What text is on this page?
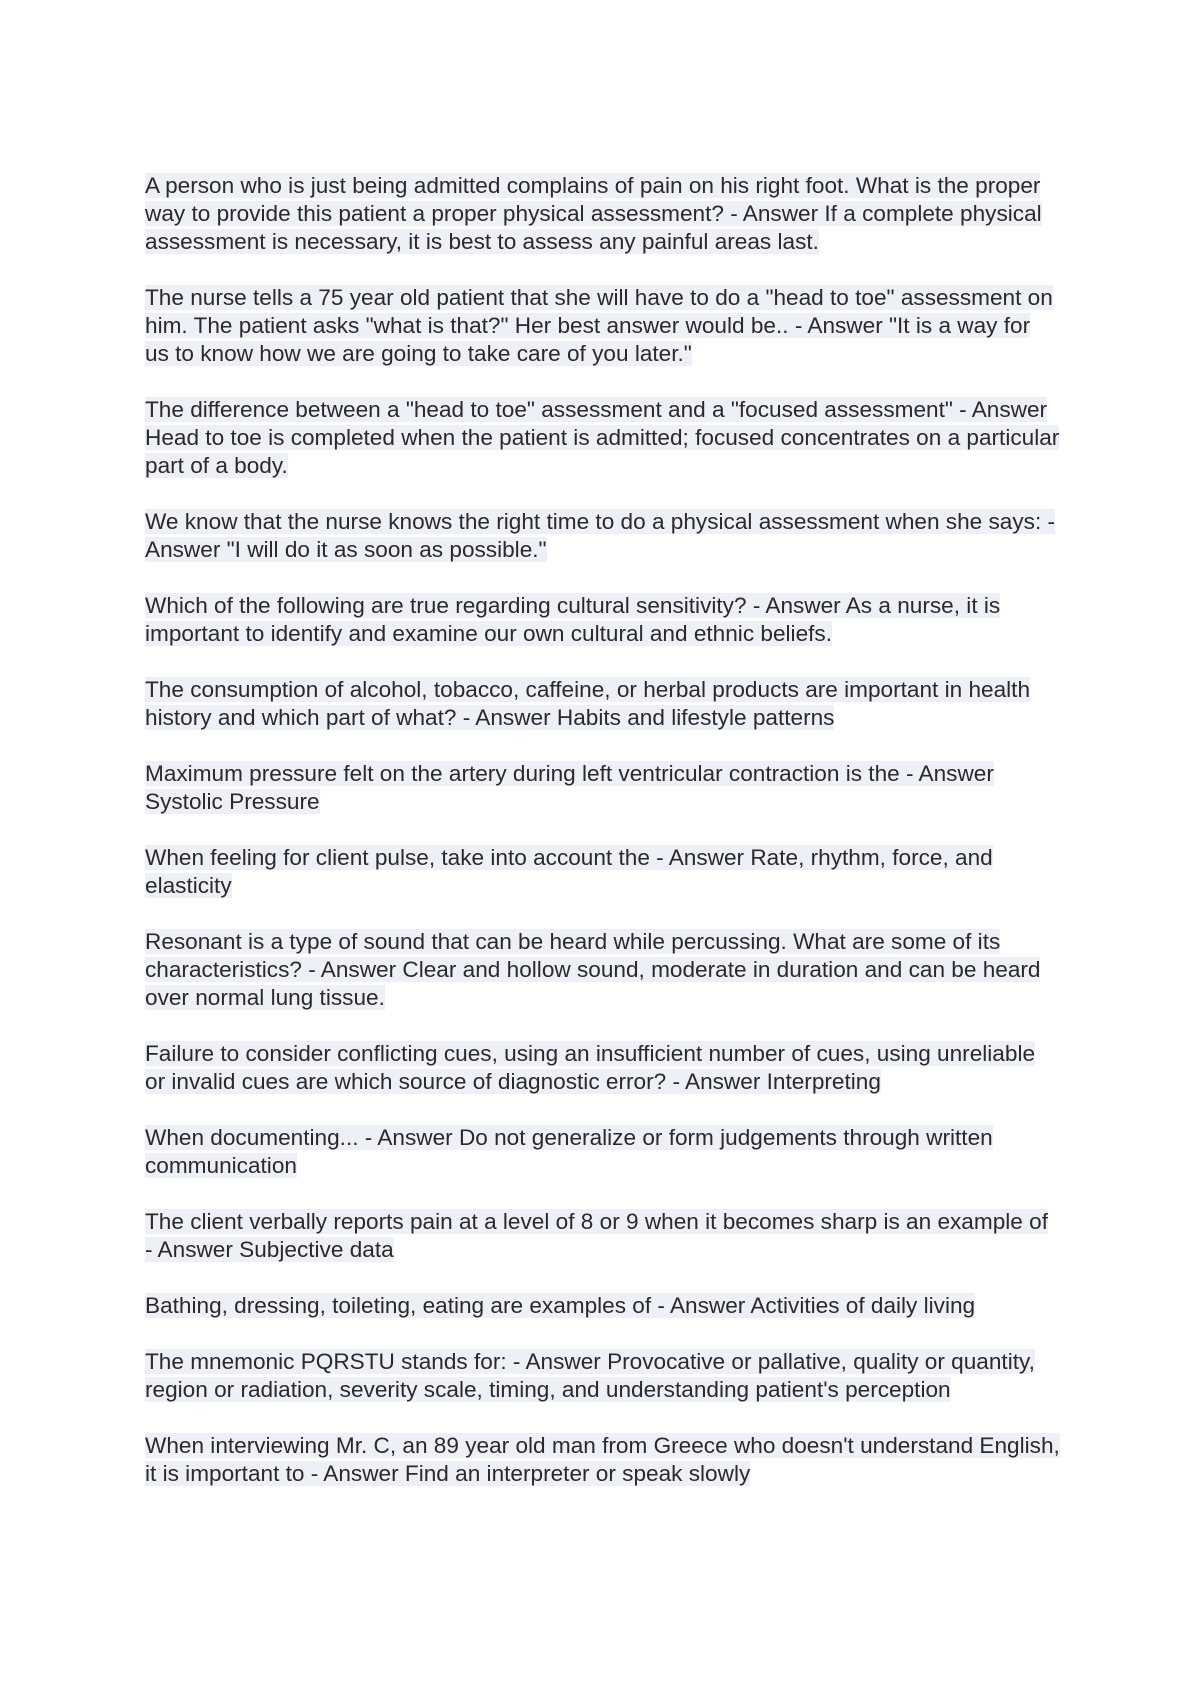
A person who is just being admitted complains of pain on his right foot. What is the proper way to provide this patient a proper physical assessment? - Answer If a complete physical assessment is necessary, it is best to assess any painful areas last.

The nurse tells a 75 year old patient that she will have to do a "head to toe" assessment on him. The patient asks "what is that?" Her best answer would be.. - Answer "It is a way for us to know how we are going to take care of you later."

The difference between a "head to toe" assessment and a "focused assessment" - Answer Head to toe is completed when the patient is admitted; focused concentrates on a particular part of a body.

We know that the nurse knows the right time to do a physical assessment when she says: - Answer "I will do it as soon as possible."

Which of the following are true regarding cultural sensitivity? - Answer As a nurse, it is important to identify and examine our own cultural and ethnic beliefs.

The consumption of alcohol, tobacco, caffeine, or herbal products are important in health history and which part of what? - Answer Habits and lifestyle patterns

Maximum pressure felt on the artery during left ventricular contraction is the - Answer Systolic Pressure

When feeling for client pulse, take into account the - Answer Rate, rhythm, force, and elasticity

Resonant is a type of sound that can be heard while percussing. What are some of its characteristics? - Answer Clear and hollow sound, moderate in duration and can be heard over normal lung tissue.

Failure to consider conflicting cues, using an insufficient number of cues, using unreliable or invalid cues are which source of diagnostic error? - Answer Interpreting

When documenting... - Answer Do not generalize or form judgements through written communication

The client verbally reports pain at a level of 8 or 9 when it becomes sharp is an example of - Answer Subjective data

Bathing, dressing, toileting, eating are examples of - Answer Activities of daily living

The mnemonic PQRSTU stands for: - Answer Provocative or pallative, quality or quantity, region or radiation, severity scale, timing, and understanding patient's perception

When interviewing Mr. C, an 89 year old man from Greece who doesn't understand English, it is important to - Answer Find an interpreter or speak slowly
